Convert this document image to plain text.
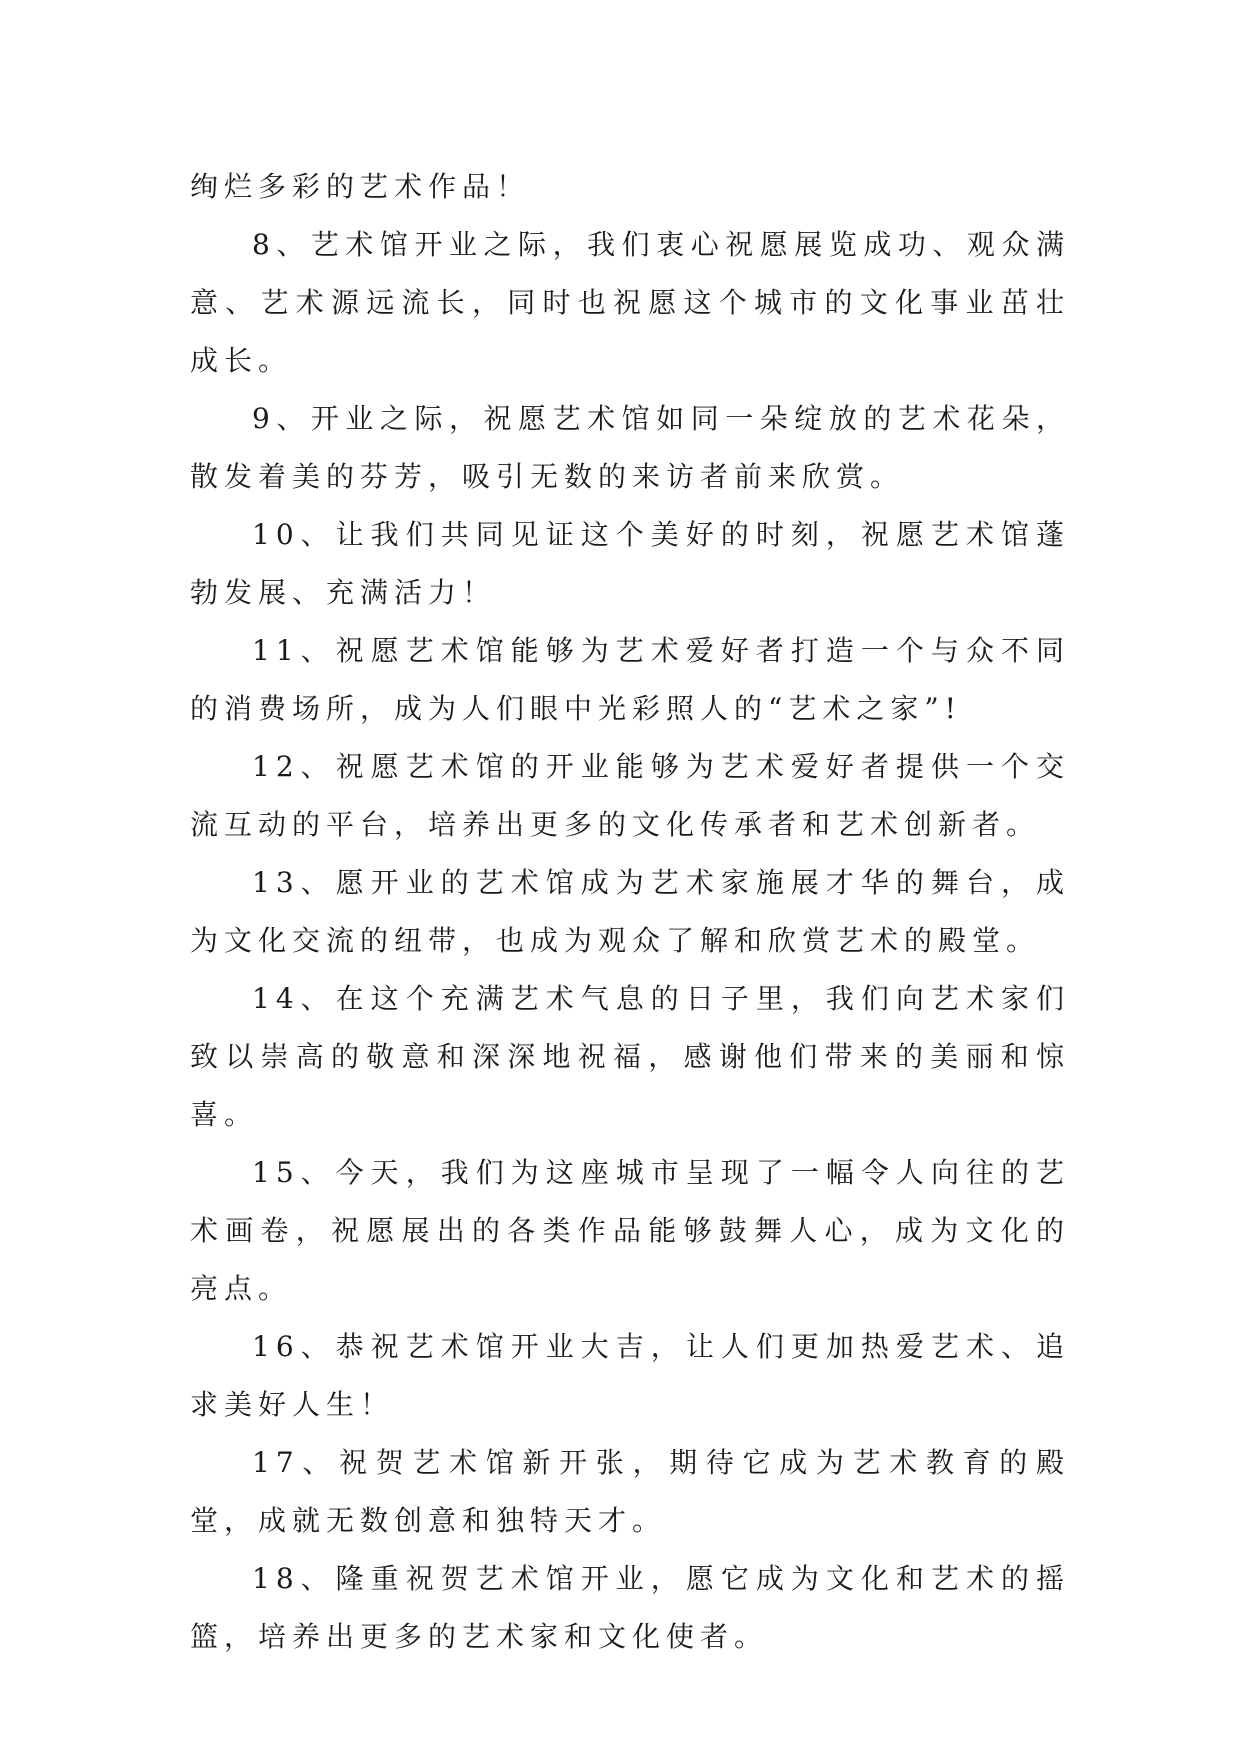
绚烂多彩的艺术作品！

8、艺术馆开业之际，我们衷心祝愿展览成功、观众满意、艺术源远流长，同时也祝愿这个城市的文化事业茁壮成长。

9、开业之际，祝愿艺术馆如同一朵绽放的艺术花朵，散发着美的芬芳，吸引无数的来访者前来欣赏。

10、让我们共同见证这个美好的时刻，祝愿艺术馆蓬勃发展、充满活力！

11、祝愿艺术馆能够为艺术爱好者打造一个与众不同的消费场所，成为人们眼中光彩照人的“艺术之家”!

12、祝愿艺术馆的开业能够为艺术爱好者提供一个交流互动的平台，培养出更多的文化传承者和艺术创新者。

13、愿开业的艺术馆成为艺术家施展才华的舞台，成为文化交流的纽带，也成为观众了解和欣赏艺术的殿堂。

14、在这个充满艺术气息的日子里，我们向艺术家们致以崇高的敬意和深深地祝福，感谢他们带来的美丽和惊喜。

15、今天，我们为这座城市呈现了一幅令人向往的艺术画卷，祝愿展出的各类作品能够鼓舞人心，成为文化的亮点。

16、恭祝艺术馆开业大吉，让人们更加热爱艺术、追求美好人生！

17、祝贺艺术馆新开张，期待它成为艺术教育的殿堂，成就无数创意和独特天才。

18、隆重祝贺艺术馆开业，愿它成为文化和艺术的摇篮，培养出更多的艺术家和文化使者。
